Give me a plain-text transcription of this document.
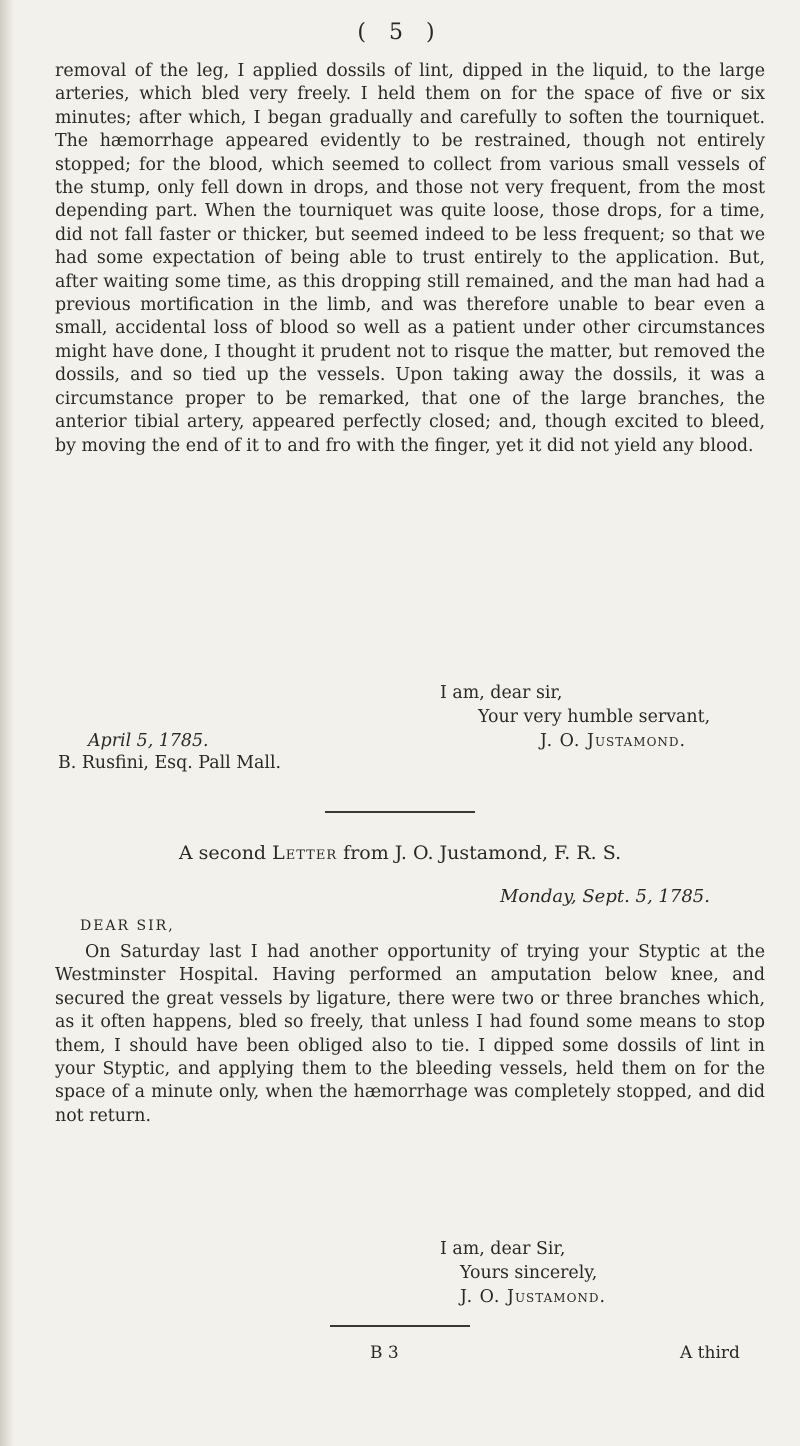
( 5 )

removal of the leg, I applied dossils of lint, dipped in the liquid, to the large arteries, which bled very freely. I held them on for the space of five or six minutes; after which, I began gradually and carefully to soften the tourniquet. The hæmorrhage appeared evidently to be restrained, though not entirely stopped; for the blood, which seemed to collect from various small vessels of the stump, only fell down in drops, and those not very frequent, from the most depending part. When the tourniquet was quite loose, those drops, for a time, did not fall faster or thicker, but seemed indeed to be less frequent; so that we had some expectation of being able to trust entirely to the application. But, after waiting some time, as this dropping still remained, and the man had had a previous mortification in the limb, and was therefore unable to bear even a small, accidental loss of blood so well as a patient under other circumstances might have done, I thought it prudent not to risque the matter, but removed the dossils, and so tied up the vessels. Upon taking away the dossils, it was a circumstance proper to be remarked, that one of the large branches, the anterior tibial artery, appeared perfectly closed; and, though excited to bleed, by moving the end of it to and fro with the finger, yet it did not yield any blood.

I am, dear sir,
Your very humble servant,
April 5, 1785.	J. O. Justamond.
B. Rusfini, Esq. Pall Mall.
A second Letter from J. O. Justamond, F. R. S.
Monday, Sept. 5, 1785.
DEAR SIR,

On Saturday last I had another opportunity of trying your Styptic at the Westminster Hospital. Having performed an amputation below knee, and secured the great vessels by ligature, there were two or three branches which, as it often happens, bled so freely, that unless I had found some means to stop them, I should have been obliged also to tie. I dipped some dossils of lint in your Styptic, and applying them to the bleeding vessels, held them on for the space of a minute only, when the hæmorrhage was completely stopped, and did not return.

I am, dear Sir,
Yours sincerely,
J. O. Justamond.
B 3	A third
